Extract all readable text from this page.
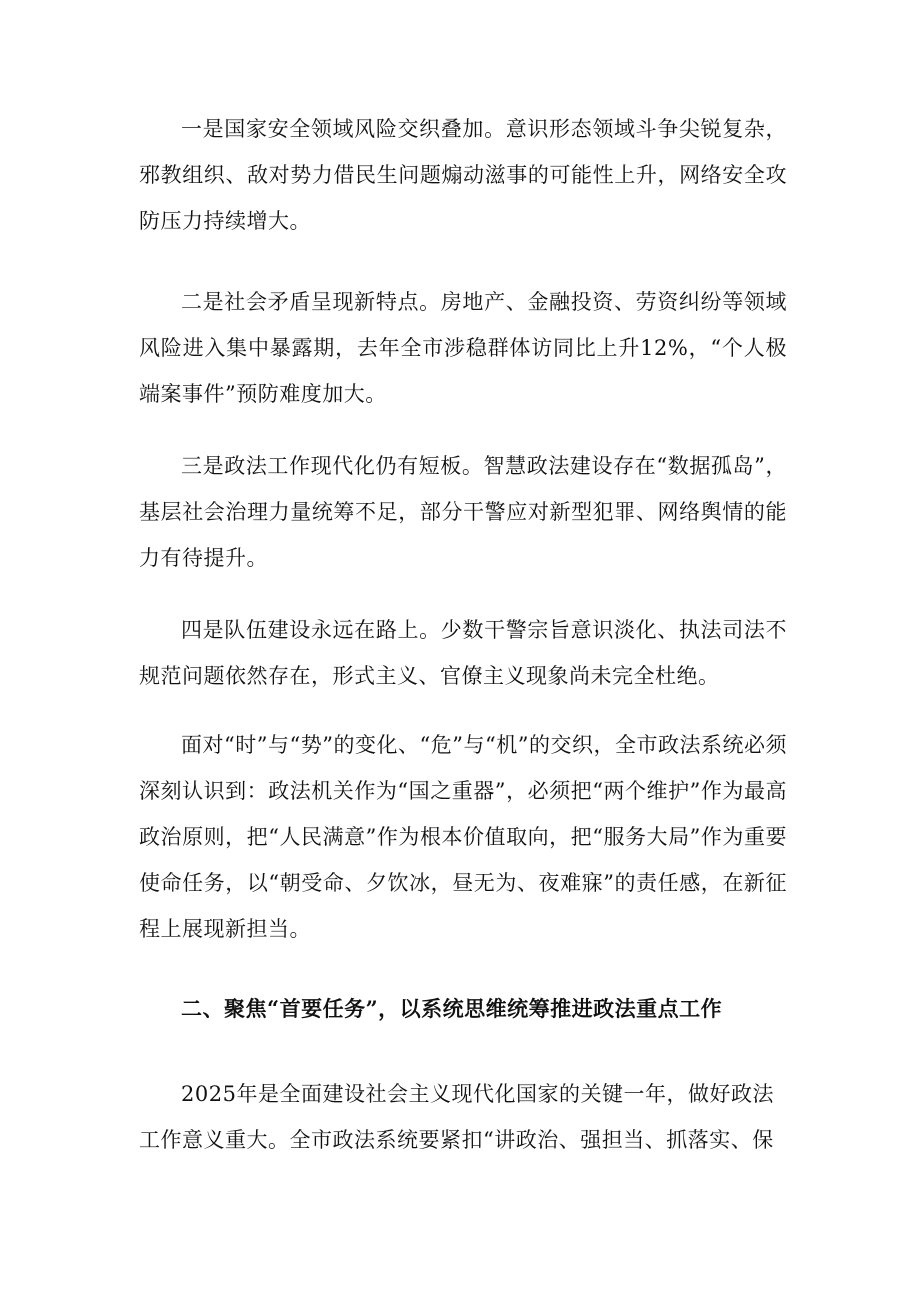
一是国家安全领域风险交织叠加。意识形态领域斗争尖锐复杂，邪教组织、敌对势力借民生问题煽动滋事的可能性上升，网络安全攻防压力持续增大。

二是社会矛盾呈现新特点。房地产、金融投资、劳资纠纷等领域风险进入集中暴露期，去年全市涉稳群体访同比上升12%，“个人极端案事件”预防难度加大。

三是政法工作现代化仍有短板。智慧政法建设存在“数据孤岛”，基层社会治理力量统筹不足，部分干警应对新型犯罪、网络舆情的能力有待提升。

四是队伍建设永远在路上。少数干警宗旨意识淡化、执法司法不规范问题依然存在，形式主义、官僚主义现象尚未完全杜绝。

面对“时”与“势”的变化、“危”与“机”的交织，全市政法系统必须深刻认识到：政法机关作为“国之重器”，必须把“两个维护”作为最高政治原则，把“人民满意”作为根本价值取向，把“服务大局”作为重要使命任务，以“朝受命、夕饮冰，昼无为、夜难寐”的责任感，在新征程上展现新担当。

二、聚焦“首要任务”，以系统思维统筹推进政法重点工作

2025年是全面建设社会主义现代化国家的关键一年，做好政法
工作意义重大。全市政法系统要紧扣“讲政治、强担当、抓落实、保
